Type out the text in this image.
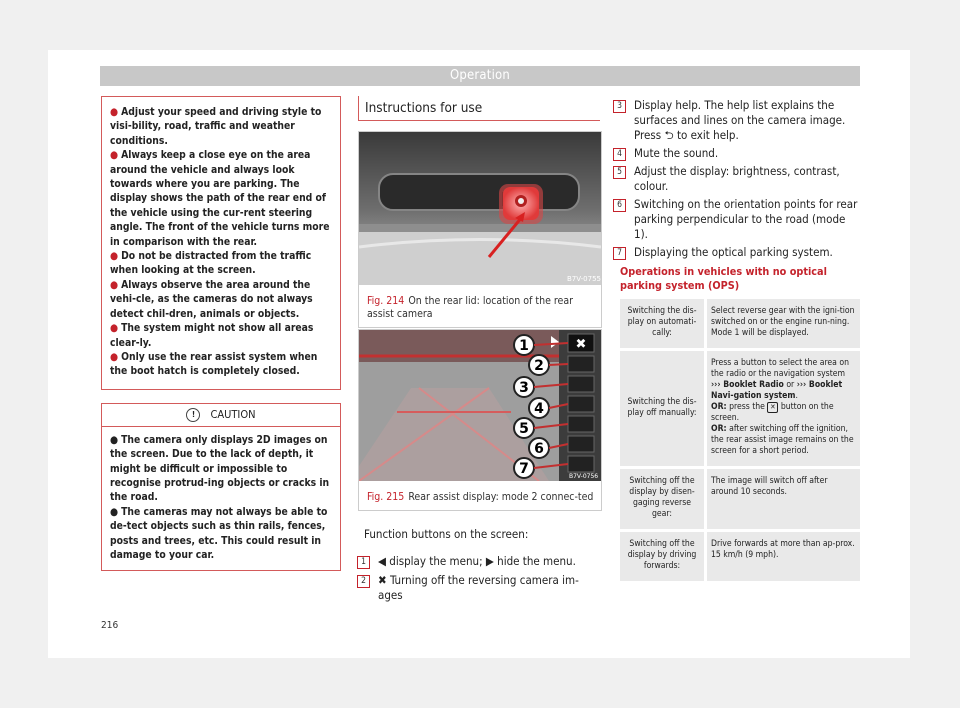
Operation

● Adjust your speed and driving style to visi-bility, road, traffic and weather conditions.

● Always keep a close eye on the area around the vehicle and always look towards where you are parking. The display shows the path of the rear end of the vehicle using the cur-rent steering angle. The front of the vehicle turns more in comparison with the rear.

● Do not be distracted from the traffic when looking at the screen.

● Always observe the area around the vehi-cle, as the cameras do not always detect chil-dren, animals or objects.

● The system might not show all areas clear-ly.

● Only use the rear assist system when the boot hatch is completely closed.

!	CAUTION

● The camera only displays 2D images on the screen. Due to the lack of depth, it might be difficult or impossible to recognise protrud-ing objects or cracks in the road.

● The cameras may not always be able to de-tect objects such as thin rails, fences, posts and trees, etc. This could result in damage to your car.

Instructions for use
B7V-0755
Fig. 214 On the rear lid: location of the rear assist camera
✖
1
2
3
4
5
6
7	B7V-0756
Fig. 215 Rear assist display: mode 2 connec-ted
Function buttons on the screen:
1	◀ display the menu; ▶ hide the menu.
2	✖ Turning off the reversing camera im-ages
3	Display help. The help list explains the surfaces and lines on the camera image. Press ⮌ to exit help.
4	Mute the sound.
5	Adjust the display: brightness, contrast, colour.
6	Switching on the orientation points for rear parking perpendicular to the road (mode 1).
7	Displaying the optical parking system.
Operations in vehicles with no optical parking system (OPS)
Switching the dis-play on automati-cally:	Select reverse gear with the igni-tion switched on or the engine run-ning. Mode 1 will be displayed.
Switching the dis-play off manually:	Press a button to select the area on the radio or the navigation system ››› Booklet Radio or ››› Booklet Navi-gation system.
OR: press the ✕ button on the screen.
OR: after switching off the ignition, the rear assist image remains on the screen for a short period.
Switching off the display by disen-gaging reverse gear:	The image will switch off after around 10 seconds.
Switching off the display by driving forwards:	Drive forwards at more than ap-prox. 15 km/h (9 mph).
216
